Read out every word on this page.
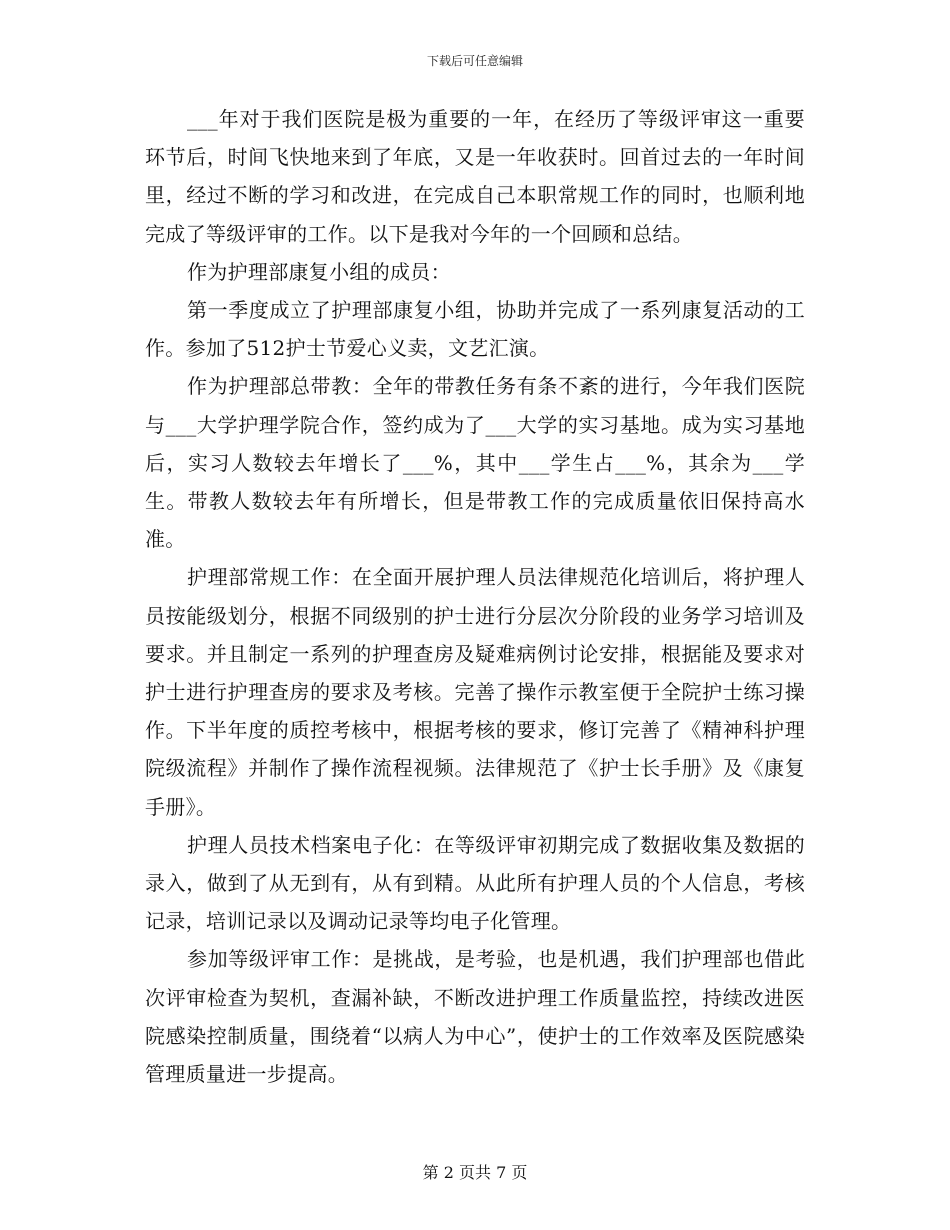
下载后可任意编辑

___年对于我们医院是极为重要的一年，在经历了等级评审这一重要环节后，时间飞快地来到了年底，又是一年收获时。回首过去的一年时间里，经过不断的学习和改进，在完成自己本职常规工作的同时，也顺利地完成了等级评审的工作。以下是我对今年的一个回顾和总结。

作为护理部康复小组的成员：

第一季度成立了护理部康复小组，协助并完成了一系列康复活动的工作。参加了512护士节爱心义卖，文艺汇演。

作为护理部总带教：全年的带教任务有条不紊的进行，今年我们医院与___大学护理学院合作，签约成为了___大学的实习基地。成为实习基地后，实习人数较去年增长了___%，其中___学生占___%，其余为___学生。带教人数较去年有所增长，但是带教工作的完成质量依旧保持高水准。

护理部常规工作：在全面开展护理人员法律规范化培训后，将护理人员按能级划分，根据不同级别的护士进行分层次分阶段的业务学习培训及要求。并且制定一系列的护理查房及疑难病例讨论安排，根据能及要求对护士进行护理查房的要求及考核。完善了操作示教室便于全院护士练习操作。下半年度的质控考核中，根据考核的要求，修订完善了《精神科护理院级流程》并制作了操作流程视频。法律规范了《护士长手册》及《康复手册》。

护理人员技术档案电子化：在等级评审初期完成了数据收集及数据的录入，做到了从无到有，从有到精。从此所有护理人员的个人信息，考核记录，培训记录以及调动记录等均电子化管理。

参加等级评审工作：是挑战，是考验，也是机遇，我们护理部也借此次评审检查为契机，查漏补缺，不断改进护理工作质量监控，持续改进医院感染控制质量，围绕着“以病人为中心”，使护士的工作效率及医院感染管理质量进一步提高。

第 2 页共 7 页
